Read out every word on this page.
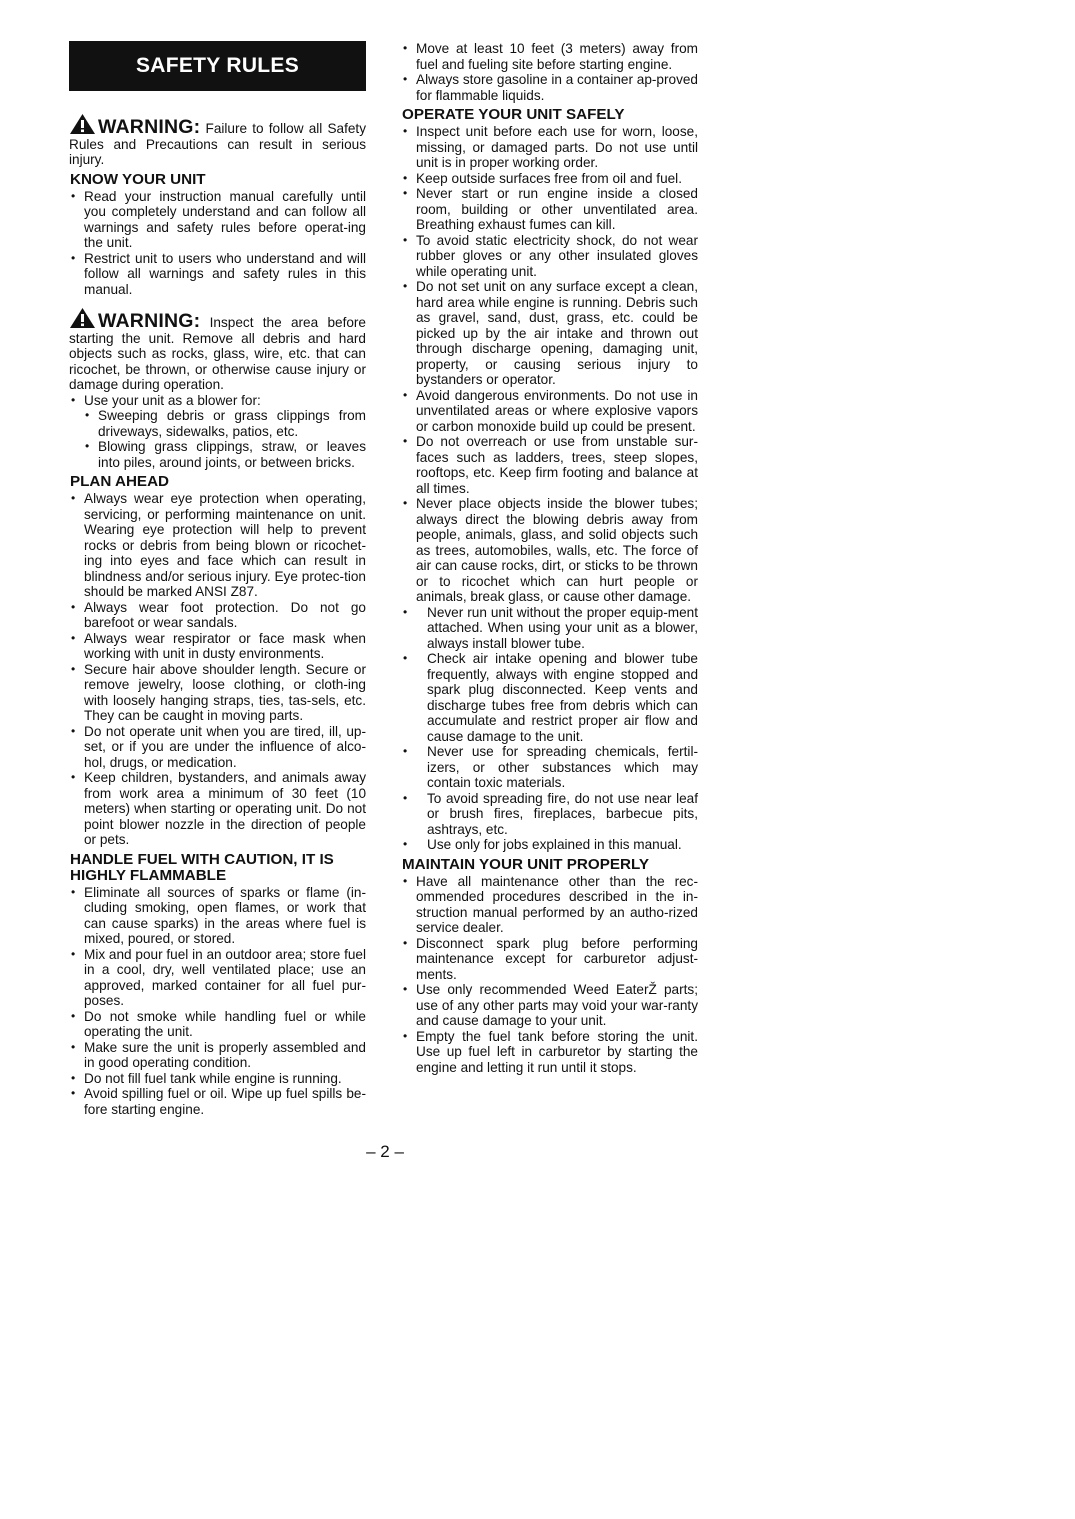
SAFETY RULES

WARNING: Failure to follow all Safety Rules and Precautions can result in serious injury.

KNOW YOUR UNIT
• Read your instruction manual carefully until you completely understand and can follow all warnings and safety rules before operat-ing the unit.
• Restrict unit to users who understand and will follow all warnings and safety rules in this manual.

WARNING: Inspect the area before starting the unit. Remove all debris and hard objects such as rocks, glass, wire, etc. that can ricochet, be thrown, or otherwise cause injury or damage during operation.

• Use your unit as a blower for:
• Sweeping debris or grass clippings from driveways, sidewalks, patios, etc.
• Blowing grass clippings, straw, or leaves into piles, around joints, or between bricks.
PLAN AHEAD
• Always wear eye protection when operating, servicing, or performing maintenance on unit. Wearing eye protection will help to prevent rocks or debris from being blown or ricochet-ing into eyes and face which can result in blindness and/or serious injury. Eye protec-tion should be marked ANSI Z87.
• Always wear foot protection. Do not go barefoot or wear sandals.
• Always wear respirator or face mask when working with unit in dusty environments.
• Secure hair above shoulder length. Secure or remove jewelry, loose clothing, or cloth-ing with loosely hanging straps, ties, tas-sels, etc. They can be caught in moving parts.
• Do not operate unit when you are tired, ill, up-set, or if you are under the influence of alco-hol, drugs, or medication.
• Keep children, bystanders, and animals away from work area a minimum of 30 feet (10 meters) when starting or operating unit. Do not point blower nozzle in the direction of people or pets.
HANDLE FUEL WITH CAUTION, IT IS HIGHLY FLAMMABLE
• Eliminate all sources of sparks or flame (in-cluding smoking, open flames, or work that can cause sparks) in the areas where fuel is mixed, poured, or stored.
• Mix and pour fuel in an outdoor area; store fuel in a cool, dry, well ventilated place; use an approved, marked container for all fuel pur-poses.
• Do not smoke while handling fuel or while operating the unit.
• Make sure the unit is properly assembled and in good operating condition.
• Do not fill fuel tank while engine is running.
• Avoid spilling fuel or oil. Wipe up fuel spills be-fore starting engine.
• Move at least 10 feet (3 meters) away from fuel and fueling site before starting engine.
• Always store gasoline in a container ap-proved for flammable liquids.
OPERATE YOUR UNIT SAFELY
• Inspect unit before each use for worn, loose, missing, or damaged parts. Do not use until unit is in proper working order.
• Keep outside surfaces free from oil and fuel.
• Never start or run engine inside a closed room, building or other unventilated area. Breathing exhaust fumes can kill.
• To avoid static electricity shock, do not wear rubber gloves or any other insulated gloves while operating unit.
• Do not set unit on any surface except a clean, hard area while engine is running. Debris such as gravel, sand, dust, grass, etc. could be picked up by the air intake and thrown out through discharge opening, damaging unit, property, or causing serious injury to bystanders or operator.
• Avoid dangerous environments. Do not use in unventilated areas or where explosive vapors or carbon monoxide build up could be present.
• Do not overreach or use from unstable sur-faces such as ladders, trees, steep slopes, rooftops, etc. Keep firm footing and balance at all times.
• Never place objects inside the blower tubes; always direct the blowing debris away from people, animals, glass, and solid objects such as trees, automobiles, walls, etc. The force of air can cause rocks, dirt, or sticks to be thrown or to ricochet which can hurt people or animals, break glass, or cause other damage.
• Never run unit without the proper equip-ment attached. When using your unit as a blower, always install blower tube.
• Check air intake opening and blower tube frequently, always with engine stopped and spark plug disconnected. Keep vents and discharge tubes free from debris which can accumulate and restrict proper air flow and cause damage to the unit.
• Never use for spreading chemicals, fertil-izers, or other substances which may contain toxic materials.
• To avoid spreading fire, do not use near leaf or brush fires, fireplaces, barbecue pits, ashtrays, etc.
• Use only for jobs explained in this manual.
MAINTAIN YOUR UNIT PROPERLY
• Have all maintenance other than the rec-ommended procedures described in the in-struction manual performed by an autho-rized service dealer.
• Disconnect spark plug before performing maintenance except for carburetor adjust-ments.
• Use only recommended Weed EaterŽ parts; use of any other parts may void your war-ranty and cause damage to your unit.
• Empty the fuel tank before storing the unit. Use up fuel left in carburetor by starting the engine and letting it run until it stops.
– 2 –
